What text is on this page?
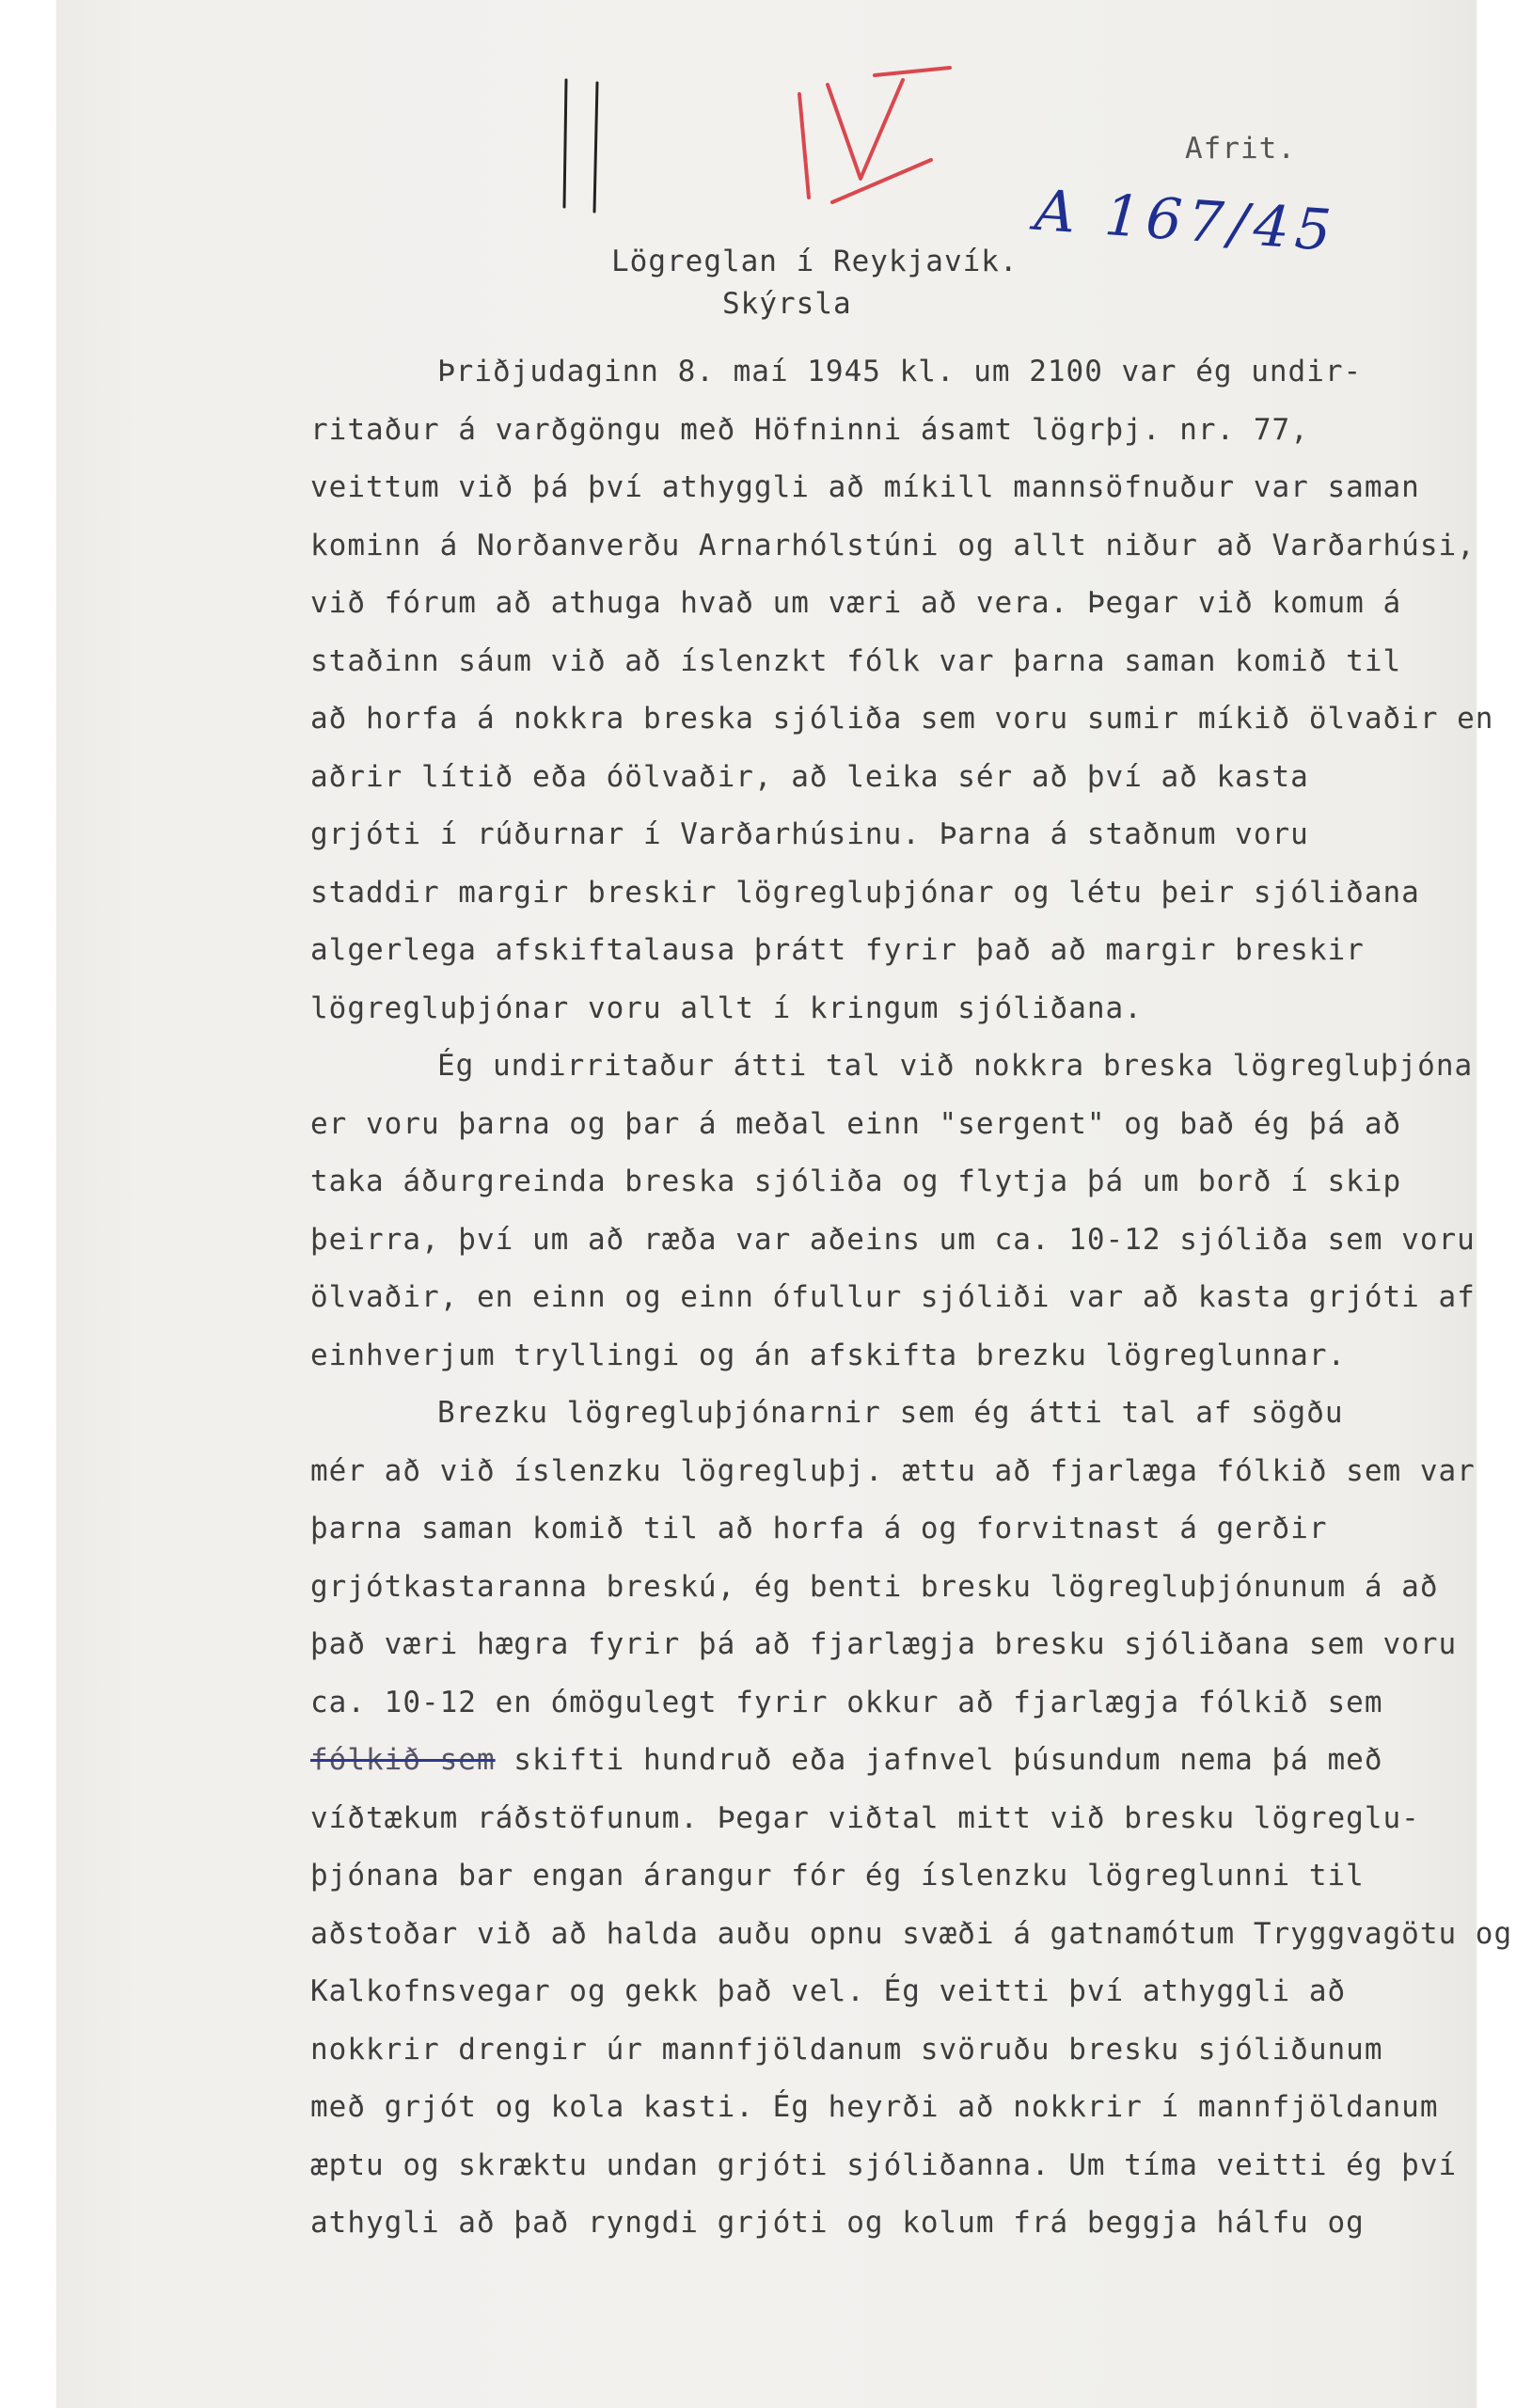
Afrit.
A 167/45
Lögreglan í Reykjavík.
Skýrsla
Þriðjudaginn 8. maí 1945 kl. um 2100 var ég undir-
ritaður á varðgöngu með Höfninni ásamt lögrþj. nr. 77,
veittum við þá því athyggli að míkill mannsöfnuður var saman
kominn á Norðanverðu Arnarhólstúni og allt niður að Varðarhúsi,
við fórum að athuga hvað um væri að vera. Þegar við komum á
staðinn sáum við að íslenzkt fólk var þarna saman komið til
að horfa á nokkra breska sjóliða sem voru sumir míkið ölvaðir en
aðrir lítið eða óölvaðir, að leika sér að því að kasta
grjóti í rúðurnar í Varðarhúsinu. Þarna á staðnum voru
staddir margir breskir lögregluþjónar og létu þeir sjóliðana
algerlega afskiftalausa þrátt fyrir það að margir breskir
lögregluþjónar voru allt í kringum sjóliðana.
Ég undirritaður átti tal við nokkra breska lögregluþjóna
er voru þarna og þar á meðal einn "sergent" og bað ég þá að
taka áðurgreinda breska sjóliða og flytja þá um borð í skip
þeirra, því um að ræða var aðeins um ca. 10-12 sjóliða sem voru
ölvaðir, en einn og einn ófullur sjóliði var að kasta grjóti af
einhverjum tryllingi og án afskifta brezku lögreglunnar.
Brezku lögregluþjónarnir sem ég átti tal af sögðu
mér að við íslenzku lögregluþj. ættu að fjarlæga fólkið sem var
þarna saman komið til að horfa á og forvitnast á gerðir
grjótkastaranna breskú, ég benti bresku lögregluþjónunum á að
það væri hægra fyrir þá að fjarlægja bresku sjóliðana sem voru
ca. 10-12 en ómögulegt fyrir okkur að fjarlægja fólkið sem
fólkið sem skifti hundruð eða jafnvel þúsundum nema þá með
víðtækum ráðstöfunum. Þegar viðtal mitt við bresku lögreglu-
þjónana bar engan árangur fór ég íslenzku lögreglunni til
aðstoðar við að halda auðu opnu svæði á gatnamótum Tryggvagötu og
Kalkofnsvegar og gekk það vel. Ég veitti því athyggli að
nokkrir drengir úr mannfjöldanum svöruðu bresku sjóliðunum
með grjót og kola kasti. Ég heyrði að nokkrir í mannfjöldanum
æptu og skræktu undan grjóti sjóliðanna. Um tíma veitti ég því
athygli að það ryngdi grjóti og kolum frá beggja hálfu og
